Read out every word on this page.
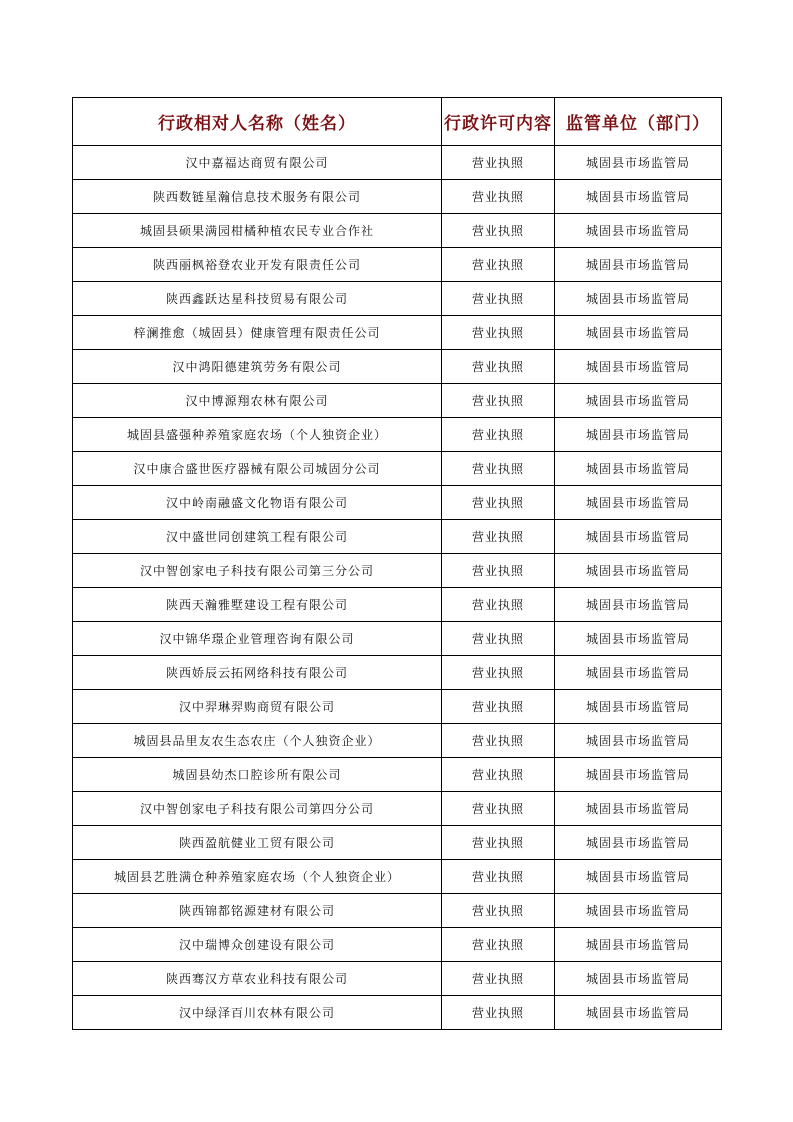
行政相对人名称（姓名）	行政许可内容	监管单位（部门）
汉中嘉福达商贸有限公司	营业执照	城固县市场监管局
陕西数链星瀚信息技术服务有限公司	营业执照	城固县市场监管局
城固县硕果满园柑橘种植农民专业合作社	营业执照	城固县市场监管局
陕西丽枫裕登农业开发有限责任公司	营业执照	城固县市场监管局
陕西鑫跃达星科技贸易有限公司	营业执照	城固县市场监管局
梓澜推愈（城固县）健康管理有限责任公司	营业执照	城固县市场监管局
汉中鸿阳德建筑劳务有限公司	营业执照	城固县市场监管局
汉中博源翔农林有限公司	营业执照	城固县市场监管局
城固县盛强种养殖家庭农场（个人独资企业）	营业执照	城固县市场监管局
汉中康合盛世医疗器械有限公司城固分公司	营业执照	城固县市场监管局
汉中岭南融盛文化物语有限公司	营业执照	城固县市场监管局
汉中盛世同创建筑工程有限公司	营业执照	城固县市场监管局
汉中智创家电子科技有限公司第三分公司	营业执照	城固县市场监管局
陕西天瀚雅墅建设工程有限公司	营业执照	城固县市场监管局
汉中锦华璟企业管理咨询有限公司	营业执照	城固县市场监管局
陕西娇辰云拓网络科技有限公司	营业执照	城固县市场监管局
汉中羿琳羿购商贸有限公司	营业执照	城固县市场监管局
城固县品里友农生态农庄（个人独资企业）	营业执照	城固县市场监管局
城固县幼杰口腔诊所有限公司	营业执照	城固县市场监管局
汉中智创家电子科技有限公司第四分公司	营业执照	城固县市场监管局
陕西盈航健业工贸有限公司	营业执照	城固县市场监管局
城固县艺胜满仓种养殖家庭农场（个人独资企业）	营业执照	城固县市场监管局
陕西锦都铭源建材有限公司	营业执照	城固县市场监管局
汉中瑞博众创建设有限公司	营业执照	城固县市场监管局
陕西骞汉方草农业科技有限公司	营业执照	城固县市场监管局
汉中绿泽百川农林有限公司	营业执照	城固县市场监管局
